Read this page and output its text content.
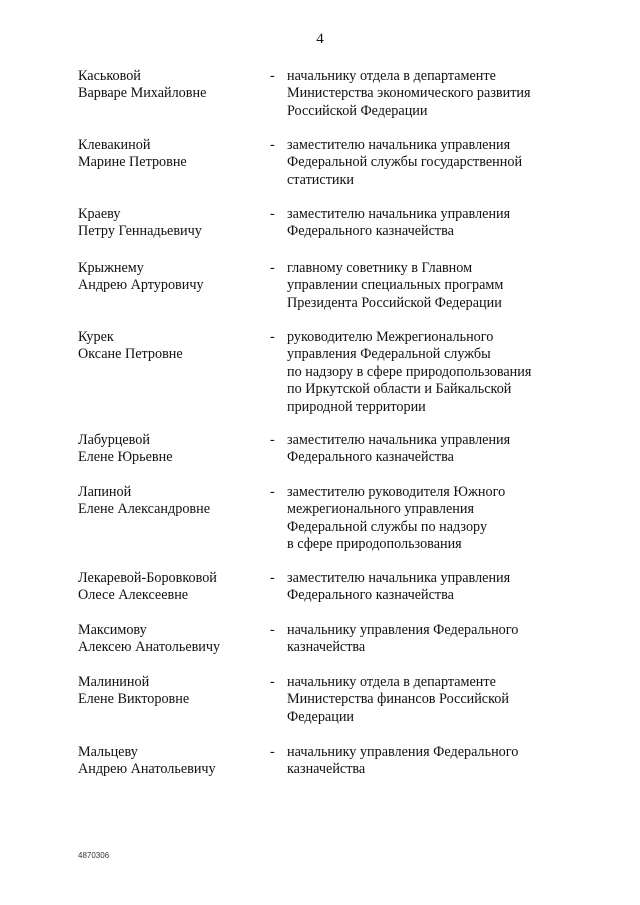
4
Каськовой
Варваре Михайловне
- начальнику отдела в департаменте
Министерства экономического развития
Российской Федерации
Клевакиной
Марине Петровне
- заместителю начальника управления
Федеральной службы государственной
статистики
Краеву
Петру Геннадьевичу
- заместителю начальника управления
Федерального казначейства
Крыжнему
Андрею Артуровичу
- главному советнику в Главном
управлении специальных программ
Президента Российской Федерации
Курек
Оксане Петровне
- руководителю Межрегионального
управления Федеральной службы
по надзору в сфере природопользования
по Иркутской области и Байкальской
природной территории
Лабурцевой
Елене Юрьевне
- заместителю начальника управления
Федерального казначейства
Лапиной
Елене Александровне
- заместителю руководителя Южного
межрегионального управления
Федеральной службы по надзору
в сфере природопользования
Лекаревой-Боровковой
Олесе Алексеевне
- заместителю начальника управления
Федерального казначейства
Максимову
Алексею Анатольевичу
- начальнику управления Федерального
казначейства
Малининой
Елене Викторовне
- начальнику отдела в департаменте
Министерства финансов Российской
Федерации
Мальцеву
Андрею Анатольевичу
- начальнику управления Федерального
казначейства
4870306
